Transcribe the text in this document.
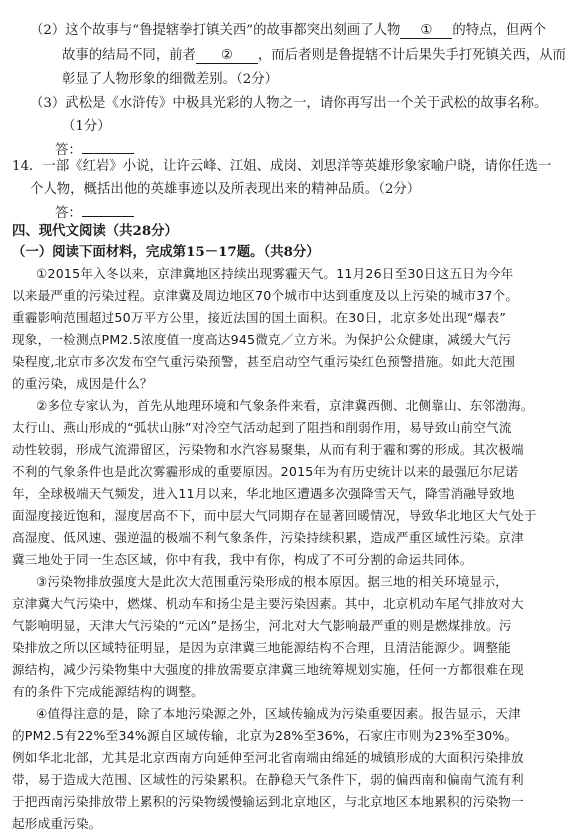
（2）这个故事与“鲁提辖拳打镇关西”的故事都突出刻画了人物 ① 的特点，但两个
故事的结局不同，前者 ② ，而后者则是鲁提辖不计后果失手打死镇关西，从而
彰显了人物形象的细微差别。（2分）
（3）武松是《水浒传》中极具光彩的人物之一，请你再写出一个关于武松的故事名称。
（1分）
答：
14．一部《红岩》小说，让许云峰、江姐、成岗、刘思洋等英雄形象家喻户晓，请你任选一
个人物，概括出他的英雄事迹以及所表现出来的精神品质。（2分）
答：
四、现代文阅读（共28分）
（一）阅读下面材料，完成第15－17题。（共8分）
①2015年入冬以来，京津冀地区持续出现雾霾天气。11月26日至30日这五日为今年
以来最严重的污染过程。京津冀及周边地区70个城市中达到重度及以上污染的城市37个。
重霾影响范围超过50万平方公里，接近法国的国土面积。在30日，北京多处出现“爆表”
现象，一检测点PM2.5浓度值一度高达945微克／立方米。为保护公众健康，减缓大气污
染程度,北京市多次发布空气重污染预警，甚至启动空气重污染红色预警措施。如此大范围
的重污染，成因是什么？
②多位专家认为，首先从地理环境和气象条件来看，京津冀西侧、北侧靠山、东邻渤海。
太行山、燕山形成的“弧状山脉”对冷空气活动起到了阻挡和削弱作用，易导致山前空气流
动性较弱，形成气流滞留区，污染物和水汽容易聚集，从而有利于霾和雾的形成。其次极端
不利的气象条件也是此次雾霾形成的重要原因。2015年为有历史统计以来的最强厄尔尼诺
年，全球极端天气频发，进入11月以来，华北地区遭遇多次强降雪天气，降雪消融导致地
面湿度接近饱和，湿度居高不下，而中层大气同期存在显著回暖情况，导致华北地区大气处于
高湿度、低风速、强逆温的极端不利气象条件，污染持续积累，造成严重区域性污染。京津
冀三地处于同一生态区域，你中有我，我中有你，构成了不可分割的命运共同体。
③污染物排放强度大是此次大范围重污染形成的根本原因。据三地的相关环境显示，
京津冀大气污染中，燃煤、机动车和扬尘是主要污染因素。其中，北京机动车尾气排放对大
气影响明显，天津大气污染的“元凶”是扬尘，河北对大气影响最严重的则是燃煤排放。污
染排放之所以区域特征明显，是因为京津冀三地能源结构不合理，且清洁能源少。调整能
源结构，减少污染物集中大强度的排放需要京津冀三地统筹规划实施，任何一方都很难在现
有的条件下完成能源结构的调整。
④值得注意的是，除了本地污染源之外，区域传输成为污染重要因素。报告显示，天津
的PM2.5有22%至34%源自区域传输，北京为28%至36%，石家庄市则为23%至30%。
例如华北北部，尤其是北京西南方向延伸至河北省南端由绵延的城镇形成的大面积污染排放
带，易于造成大范围、区域性的污染累积。在静稳天气条件下，弱的偏西南和偏南气流有利
于把西南污染排放带上累积的污染物缓慢输运到北京地区，与北京地区本地累积的污染物一
起形成重污染。
